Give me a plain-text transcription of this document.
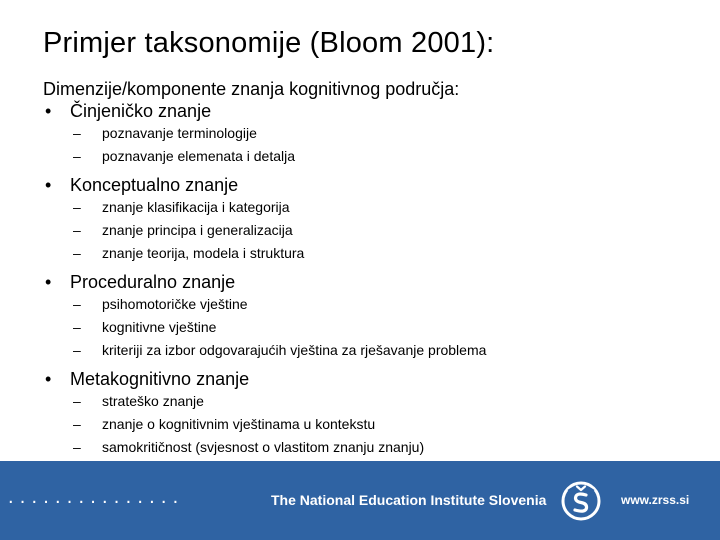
Primjer taksonomije (Bloom 2001):
Dimenzije/komponente znanja kognitivnog područja:
• Činjeničko znanje
– poznavanje terminologije
– poznavanje elemenata i detalja
• Konceptualno znanje
– znanje klasifikacija i kategorija
– znanje principa i generalizacija
– znanje teorija, modela i struktura
• Proceduralno znanje
– psihomotoričke vještine
– kognitivne vještine
– kriteriji za izbor odgovarajućih vještina za rješavanje problema
• Metakognitivno znanje
– strateško znanje
– znanje o kognitivnim vještinama u kontekstu
– samokritičnost (svjesnost o vlastitom znanju znanju)
...............	The National Education Institute Slovenia	www.zrss.si
